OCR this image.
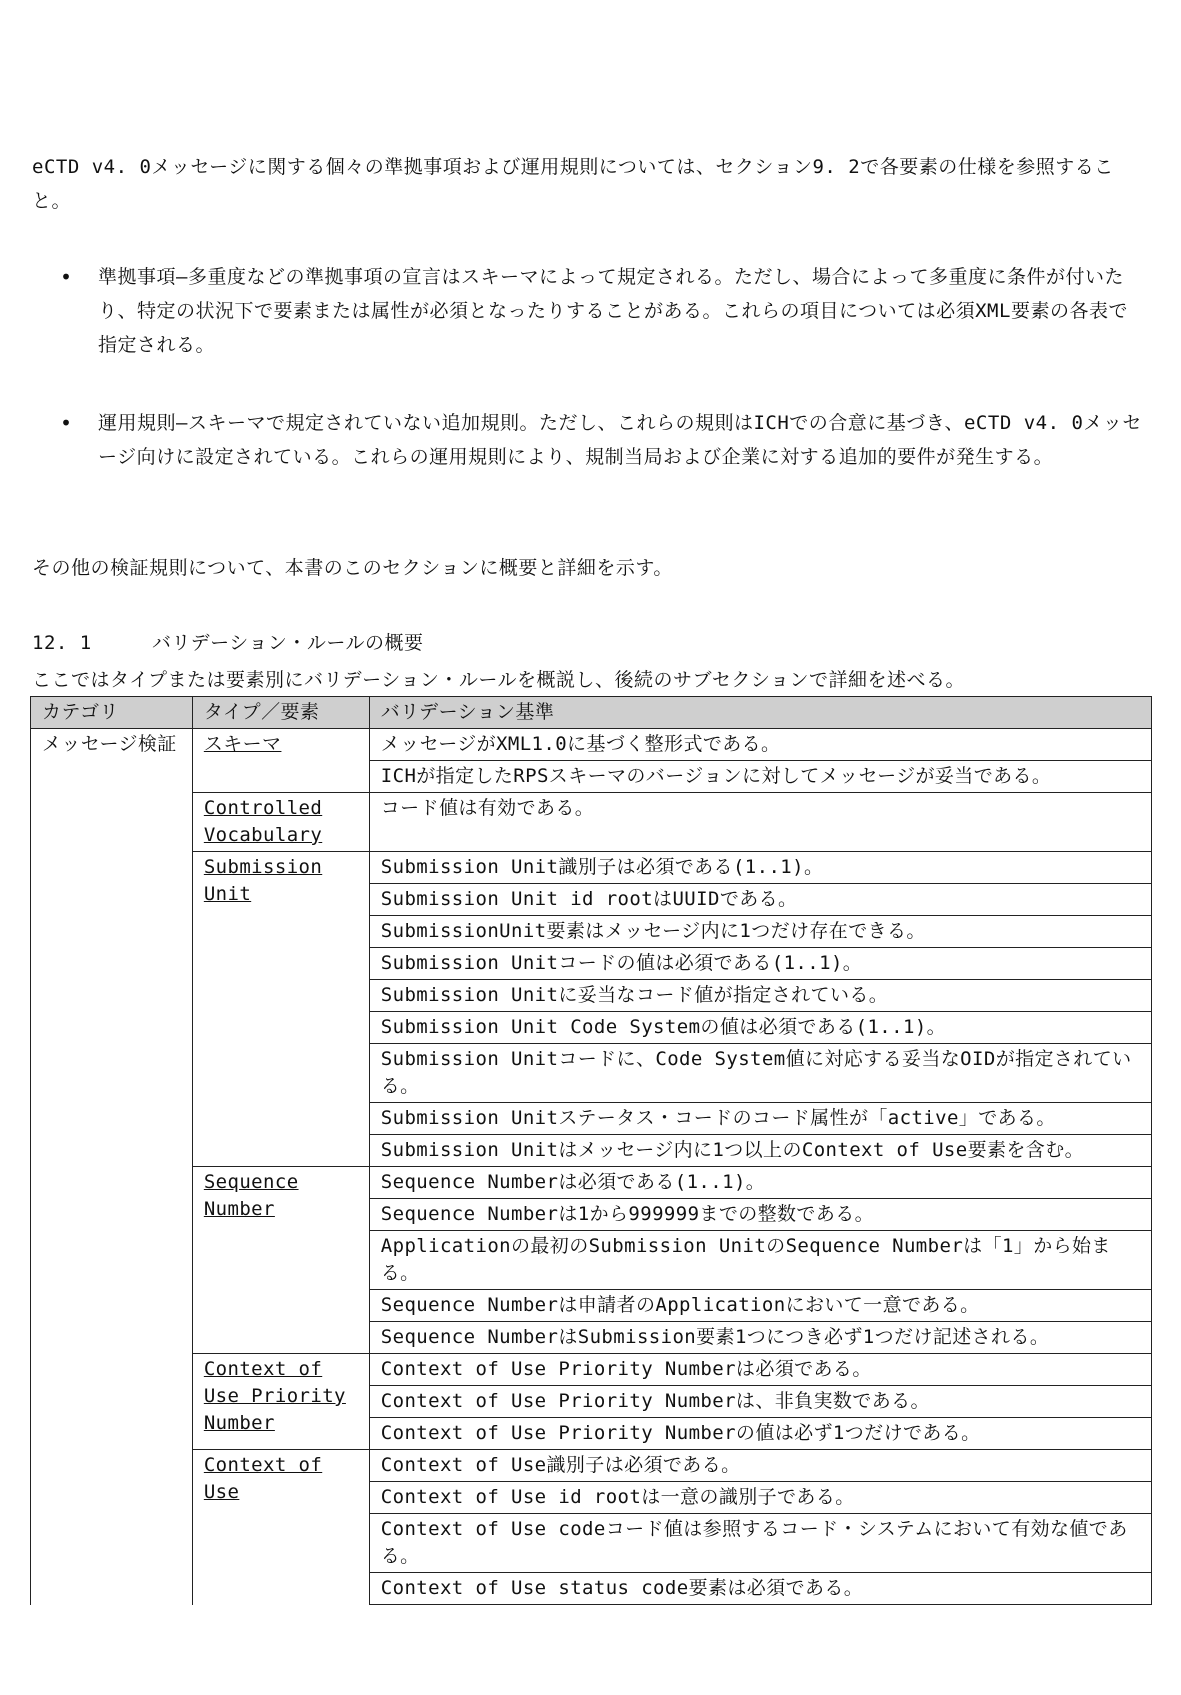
eCTD v4. 0メッセージに関する個々の準拠事項および運用規則については、セクション9. 2で各要素の仕様を参照すること。
• 準拠事項―多重度などの準拠事項の宣言はスキーマによって規定される。ただし、場合によって多重度に条件が付いたり、特定の状況下で要素または属性が必須となったりすることがある。これらの項目については必須XML要素の各表で指定される。
• 運用規則―スキーマで規定されていない追加規則。ただし、これらの規則はICHでの合意に基づき、eCTD v4. 0メッセージ向けに設定されている。これらの運用規則により、規制当局および企業に対する追加的要件が発生する。
その他の検証規則について、本書のこのセクションに概要と詳細を示す。
12. 1	バリデーション・ルールの概要
ここではタイプまたは要素別にバリデーション・ルールを概説し、後続のサブセクションで詳細を述べる。
カテゴリ	タイプ／要素	バリデーション基準
メッセージ検証	スキーマ	メッセージがXML1.0に基づく整形式である。
		ICHが指定したRPSスキーマのバージョンに対してメッセージが妥当である。
	Controlled Vocabulary	コード値は有効である。
	Submission Unit	Submission Unit識別子は必須である(1..1)。
		Submission Unit id rootはUUIDである。
		SubmissionUnit要素はメッセージ内に1つだけ存在できる。
		Submission Unitコードの値は必須である(1..1)。
		Submission Unitに妥当なコード値が指定されている。
		Submission Unit Code Systemの値は必須である(1..1)。
		Submission Unitコードに、Code System値に対応する妥当なOIDが指定されている。
		Submission Unitステータス・コードのコード属性が「active」である。
		Submission Unitはメッセージ内に1つ以上のContext of Use要素を含む。
	Sequence Number	Sequence Numberは必須である(1..1)。
		Sequence Numberは1から999999までの整数である。
		Applicationの最初のSubmission UnitのSequence Numberは「1」から始まる。
		Sequence Numberは申請者のApplicationにおいて一意である。
		Sequence NumberはSubmission要素1つにつき必ず1つだけ記述される。
	Context of Use Priority Number	Context of Use Priority Numberは必須である。
		Context of Use Priority Numberは、非負実数である。
		Context of Use Priority Numberの値は必ず1つだけである。
	Context of Use	Context of Use識別子は必須である。
		Context of Use id rootは一意の識別子である。
		Context of Use codeコード値は参照するコード・システムにおいて有効な値である。
		Context of Use status code要素は必須である。
